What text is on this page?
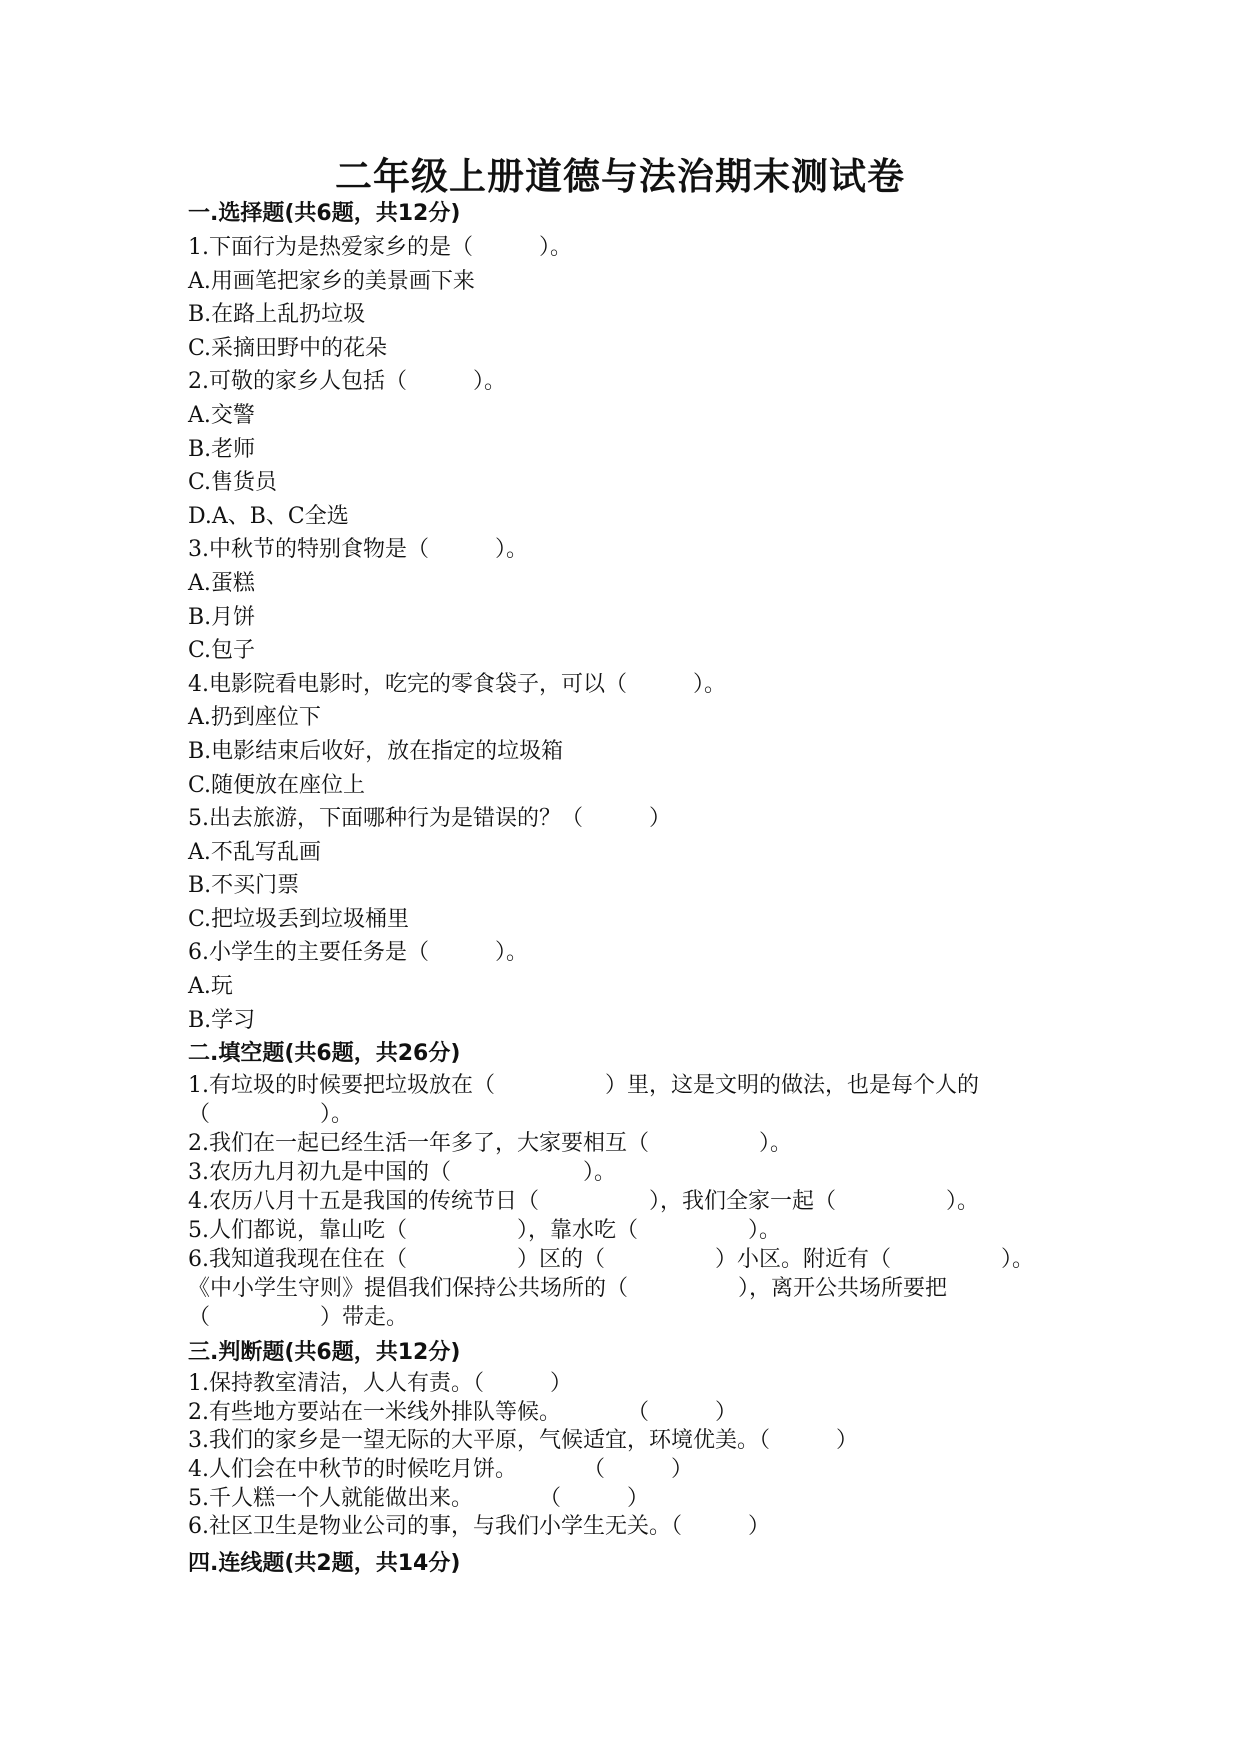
二年级上册道德与法治期末测试卷
一.选择题(共6题，共12分)
1.下面行为是热爱家乡的是（　　　）。
A.用画笔把家乡的美景画下来
B.在路上乱扔垃圾
C.采摘田野中的花朵
2.可敬的家乡人包括（　　　）。
A.交警
B.老师
C.售货员
D.A、B、C全选
3.中秋节的特别食物是（　　　）。
A.蛋糕
B.月饼
C.包子
4.电影院看电影时，吃完的零食袋子，可以（　　　）。
A.扔到座位下
B.电影结束后收好，放在指定的垃圾箱
C.随便放在座位上
5.出去旅游，下面哪种行为是错误的？（　　　）
A.不乱写乱画
B.不买门票
C.把垃圾丢到垃圾桶里
6.小学生的主要任务是（　　　）。
A.玩
B.学习
二.填空题(共6题，共26分)
1.有垃圾的时候要把垃圾放在（　　　　　）里，这是文明的做法，也是每个人的（　　　　　）。
2.我们在一起已经生活一年多了，大家要相互（　　　　　）。
3.农历九月初九是中国的（　　　　　　）。
4.农历八月十五是我国的传统节日（　　　　　），我们全家一起（　　　　　）。
5.人们都说，靠山吃（　　　　　），靠水吃（　　　　　）。
6.我知道我现在住在（　　　　　）区的（　　　　　）小区。附近有（　　　　　）。《中小学生守则》提倡我们保持公共场所的（　　　　　），离开公共场所要把（　　　　　）带走。
三.判断题(共6题，共12分)
1.保持教室清洁，人人有责。（　　　）
2.有些地方要站在一米线外排队等候。　　　　（　　　）
3.我们的家乡是一望无际的大平原，气候适宜，环境优美。（　　　）
4.人们会在中秋节的时候吃月饼。　　　　（　　　）
5.千人糕一个人就能做出来。　　　　（　　　）
6.社区卫生是物业公司的事，与我们小学生无关。（　　　）
四.连线题(共2题，共14分)
